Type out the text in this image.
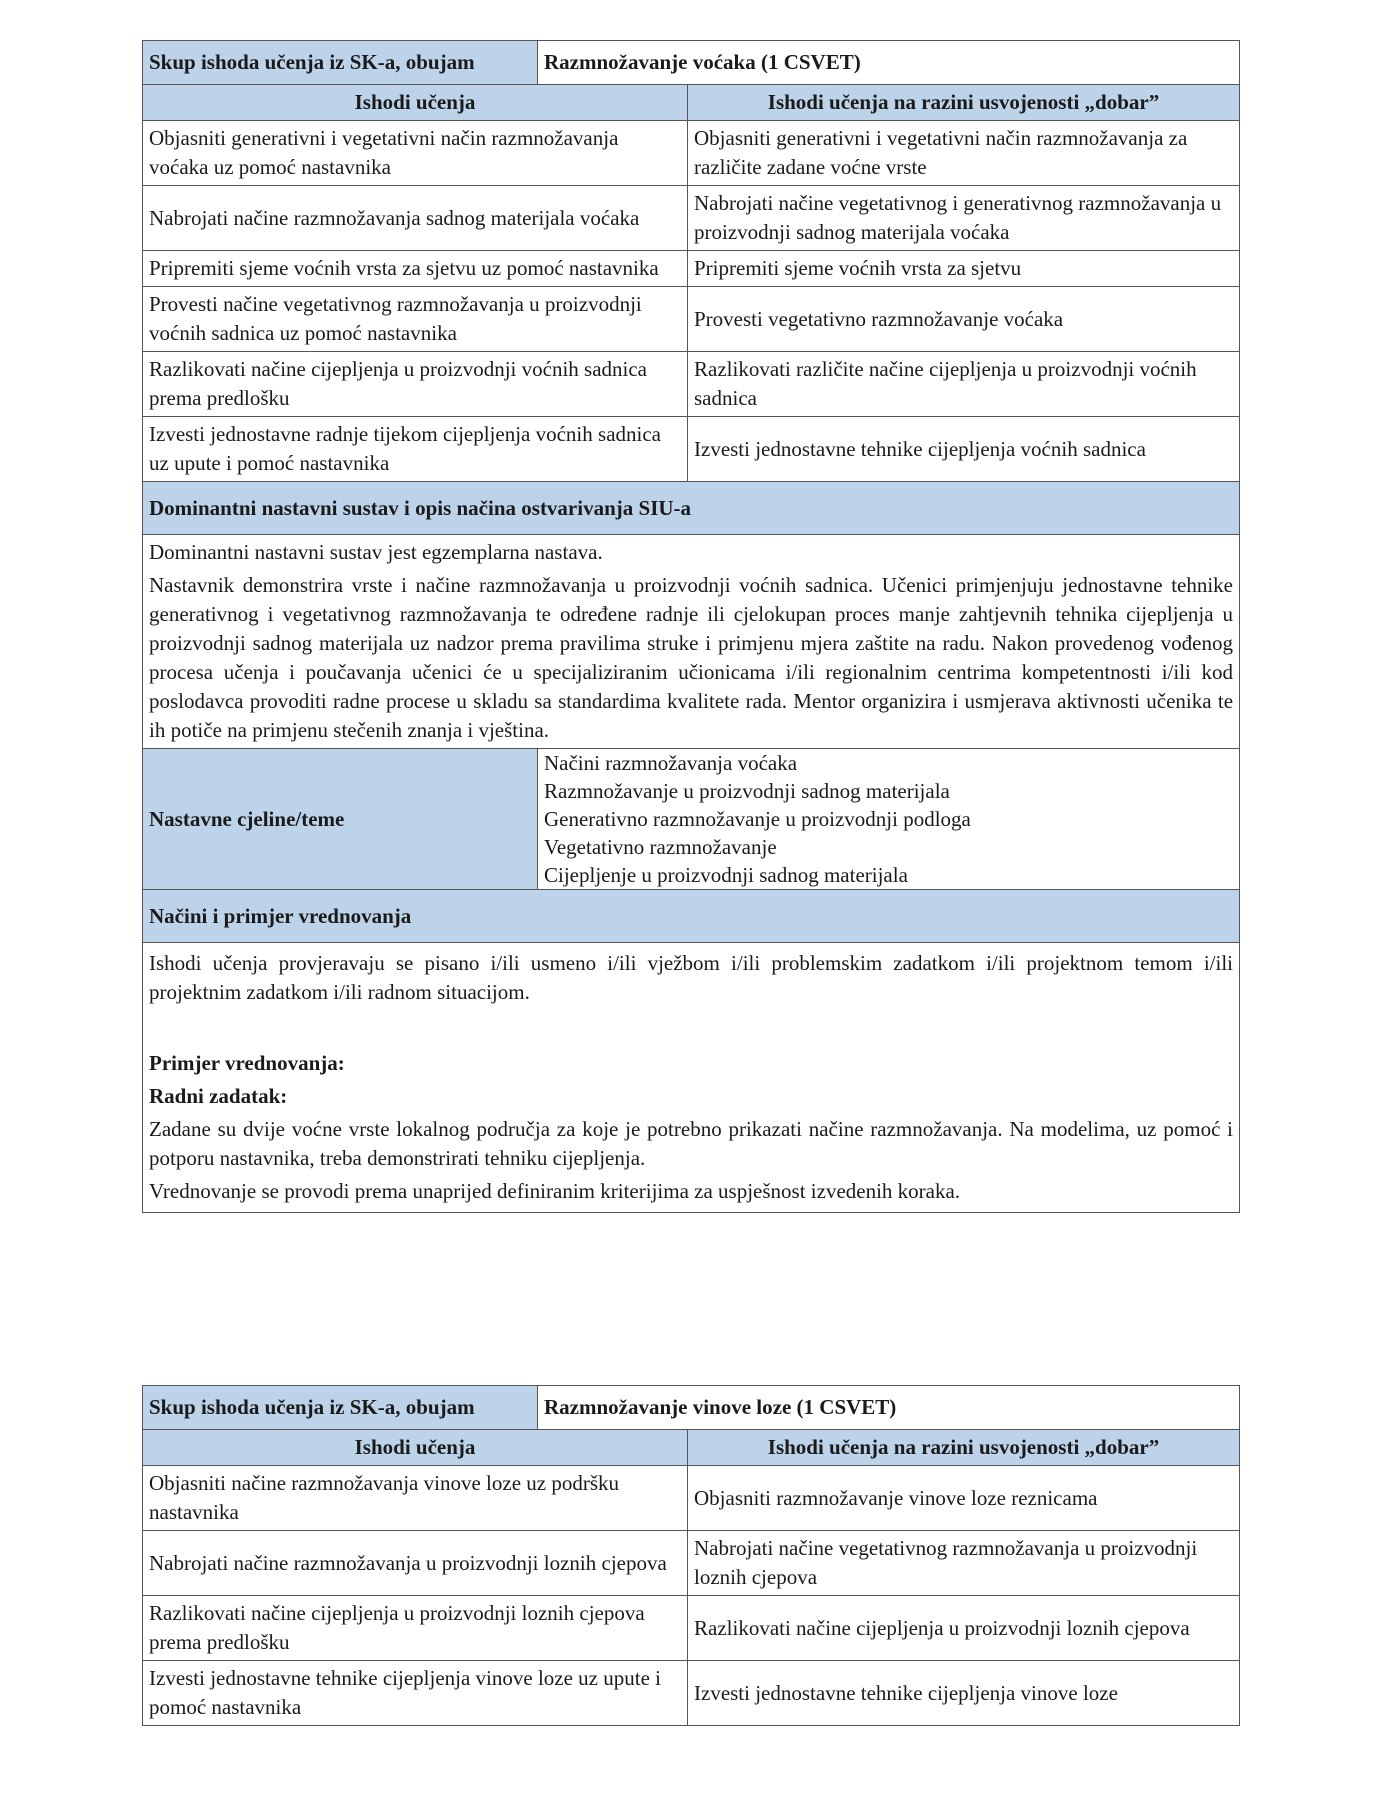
Skup ishoda učenja iz SK-a, obujam	Razmnožavanje voćaka (1 CSVET)	
Ishodi učenja		Ishodi učenja na razini usvojenosti „dobar”
Objasniti generativni i vegetativni način razmnožavanja voćaka uz pomoć nastavnika		Objasniti generativni i vegetativni način razmnožavanja za različite zadane voćne vrste
Nabrojati načine razmnožavanja sadnog materijala voćaka		Nabrojati načine vegetativnog i generativnog razmnožavanja u proizvodnji sadnog materijala voćaka
Pripremiti sjeme voćnih vrsta za sjetvu uz pomoć nastavnika		Pripremiti sjeme voćnih vrsta za sjetvu
Provesti načine vegetativnog razmnožavanja u proizvodnji voćnih sadnica uz pomoć nastavnika		Provesti vegetativno razmnožavanje voćaka
Razlikovati načine cijepljenja u proizvodnji voćnih sadnica prema predlošku		Razlikovati različite načine cijepljenja u proizvodnji voćnih sadnica
Izvesti jednostavne radnje tijekom cijepljenja voćnih sadnica uz upute i pomoć nastavnika		Izvesti jednostavne tehnike cijepljenja voćnih sadnica
Dominantni nastavni sustav i opis načina ostvarivanja SIU-a		

Dominantni nastavni sustav jest egzemplarna nastava.

Nastavnik demonstrira vrste i načine razmnožavanja u proizvodnji voćnih sadnica. Učenici primjenjuju jednostavne tehnike generativnog i vegetativnog razmnožavanja te određene radnje ili cjelokupan proces manje zahtjevnih tehnika cijepljenja u proizvodnji sadnog materijala uz nadzor prema pravilima struke i primjenu mjera zaštite na radu. Nakon provedenog vođenog procesa učenja i poučavanja učenici će u specijaliziranim učionicama i/ili regionalnim centrima kompetentnosti i/ili kod poslodavca provoditi radne procese u skladu sa standardima kvalitete rada. Mentor organizira i usmjerava aktivnosti učenika te ih potiče na primjenu stečenih znanja i vještina.		

Nastavne cjeline/teme	Načini razmnožavanja voćaka
Razmnožavanje u proizvodnji sadnog materijala
Generativno razmnožavanje u proizvodnji podloga
Vegetativno razmnožavanje
Cijepljenje u proizvodnji sadnog materijala	

Načini i primjer vrednovanja		

Ishodi učenja provjeravaju se pisano i/ili usmeno i/ili vježbom i/ili problemskim zadatkom i/ili projektnom temom i/ili projektnim zadatkom i/ili radnom situacijom.

Primjer vrednovanja:

Radni zadatak:

Zadane su dvije voćne vrste lokalnog područja za koje je potrebno prikazati načine razmnožavanja. Na modelima, uz pomoć i potporu nastavnika, treba demonstrirati tehniku cijepljenja.

Vrednovanje se provodi prema unaprijed definiranim kriterijima za uspješnost izvedenih koraka.		

Skup ishoda učenja iz SK-a, obujam	Razmnožavanje vinove loze (1 CSVET)	
Ishodi učenja		Ishodi učenja na razini usvojenosti „dobar”
Objasniti načine razmnožavanja vinove loze uz podršku nastavnika		Objasniti razmnožavanje vinove loze reznicama
Nabrojati načine razmnožavanja u proizvodnji loznih cjepova		Nabrojati načine vegetativnog razmnožavanja u proizvodnji loznih cjepova
Razlikovati načine cijepljenja u proizvodnji loznih cjepova prema predlošku		Razlikovati načine cijepljenja u proizvodnji loznih cjepova
Izvesti jednostavne tehnike cijepljenja vinove loze uz upute i pomoć nastavnika		Izvesti jednostavne tehnike cijepljenja vinove loze
